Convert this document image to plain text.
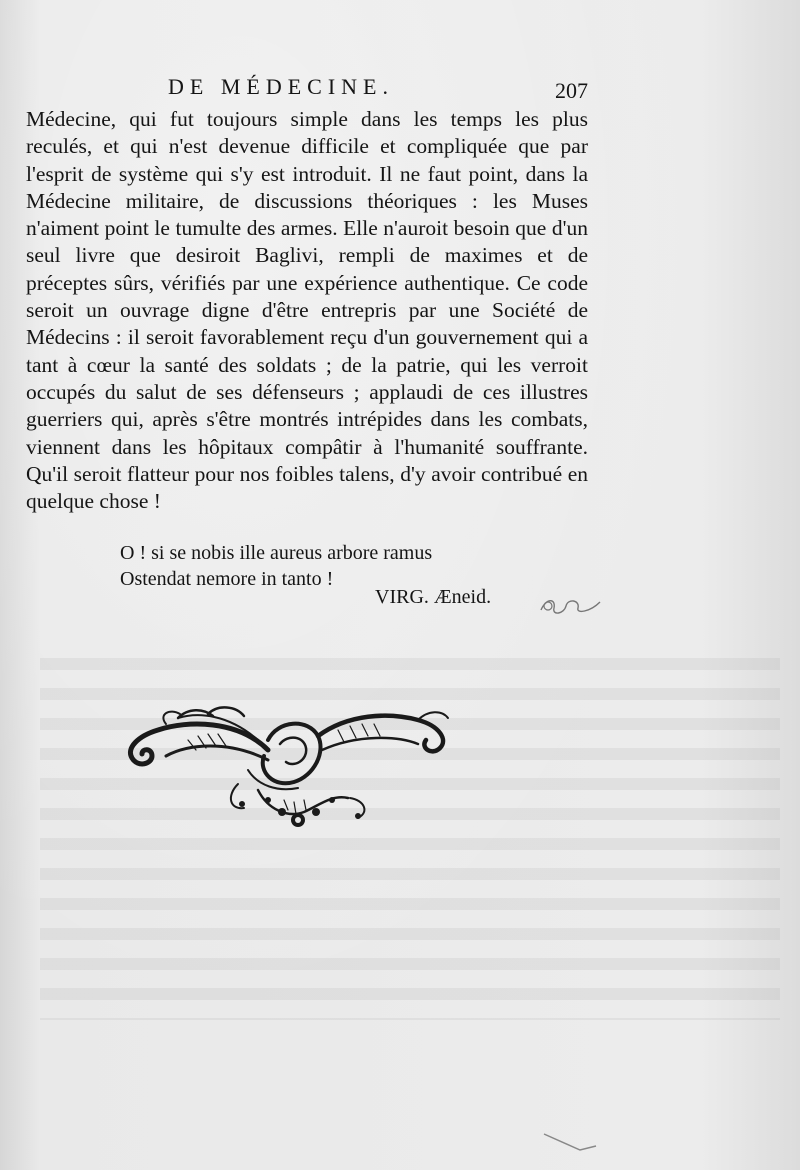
DE MÉDECINE.	207

Médecine, qui fut toujours simple dans les temps les plus reculés, et qui n'est devenue difficile et compliquée que par l'esprit de système qui s'y est introduit. Il ne faut point, dans la Médecine militaire, de discussions théoriques : les Muses n'aiment point le tumulte des armes. Elle n'auroit besoin que d'un seul livre que desiroit Baglivi, rempli de maximes et de préceptes sûrs, vérifiés par une expérience authentique. Ce code seroit un ouvrage digne d'être entrepris par une Société de Médecins : il seroit favorablement reçu d'un gouvernement qui a tant à cœur la santé des soldats ; de la patrie, qui les verroit occupés du salut de ses défenseurs ; applaudi de ces illustres guerriers qui, après s'être montrés intrépides dans les combats, viennent dans les hôpitaux compâtir à l'humanité souffrante. Qu'il seroit flatteur pour nos foibles talens, d'y avoir contribué en quelque chose !

O ! si se nobis ille aureus arbore ramus
Ostendat nemore in tanto !
VIRG. Æneid.
